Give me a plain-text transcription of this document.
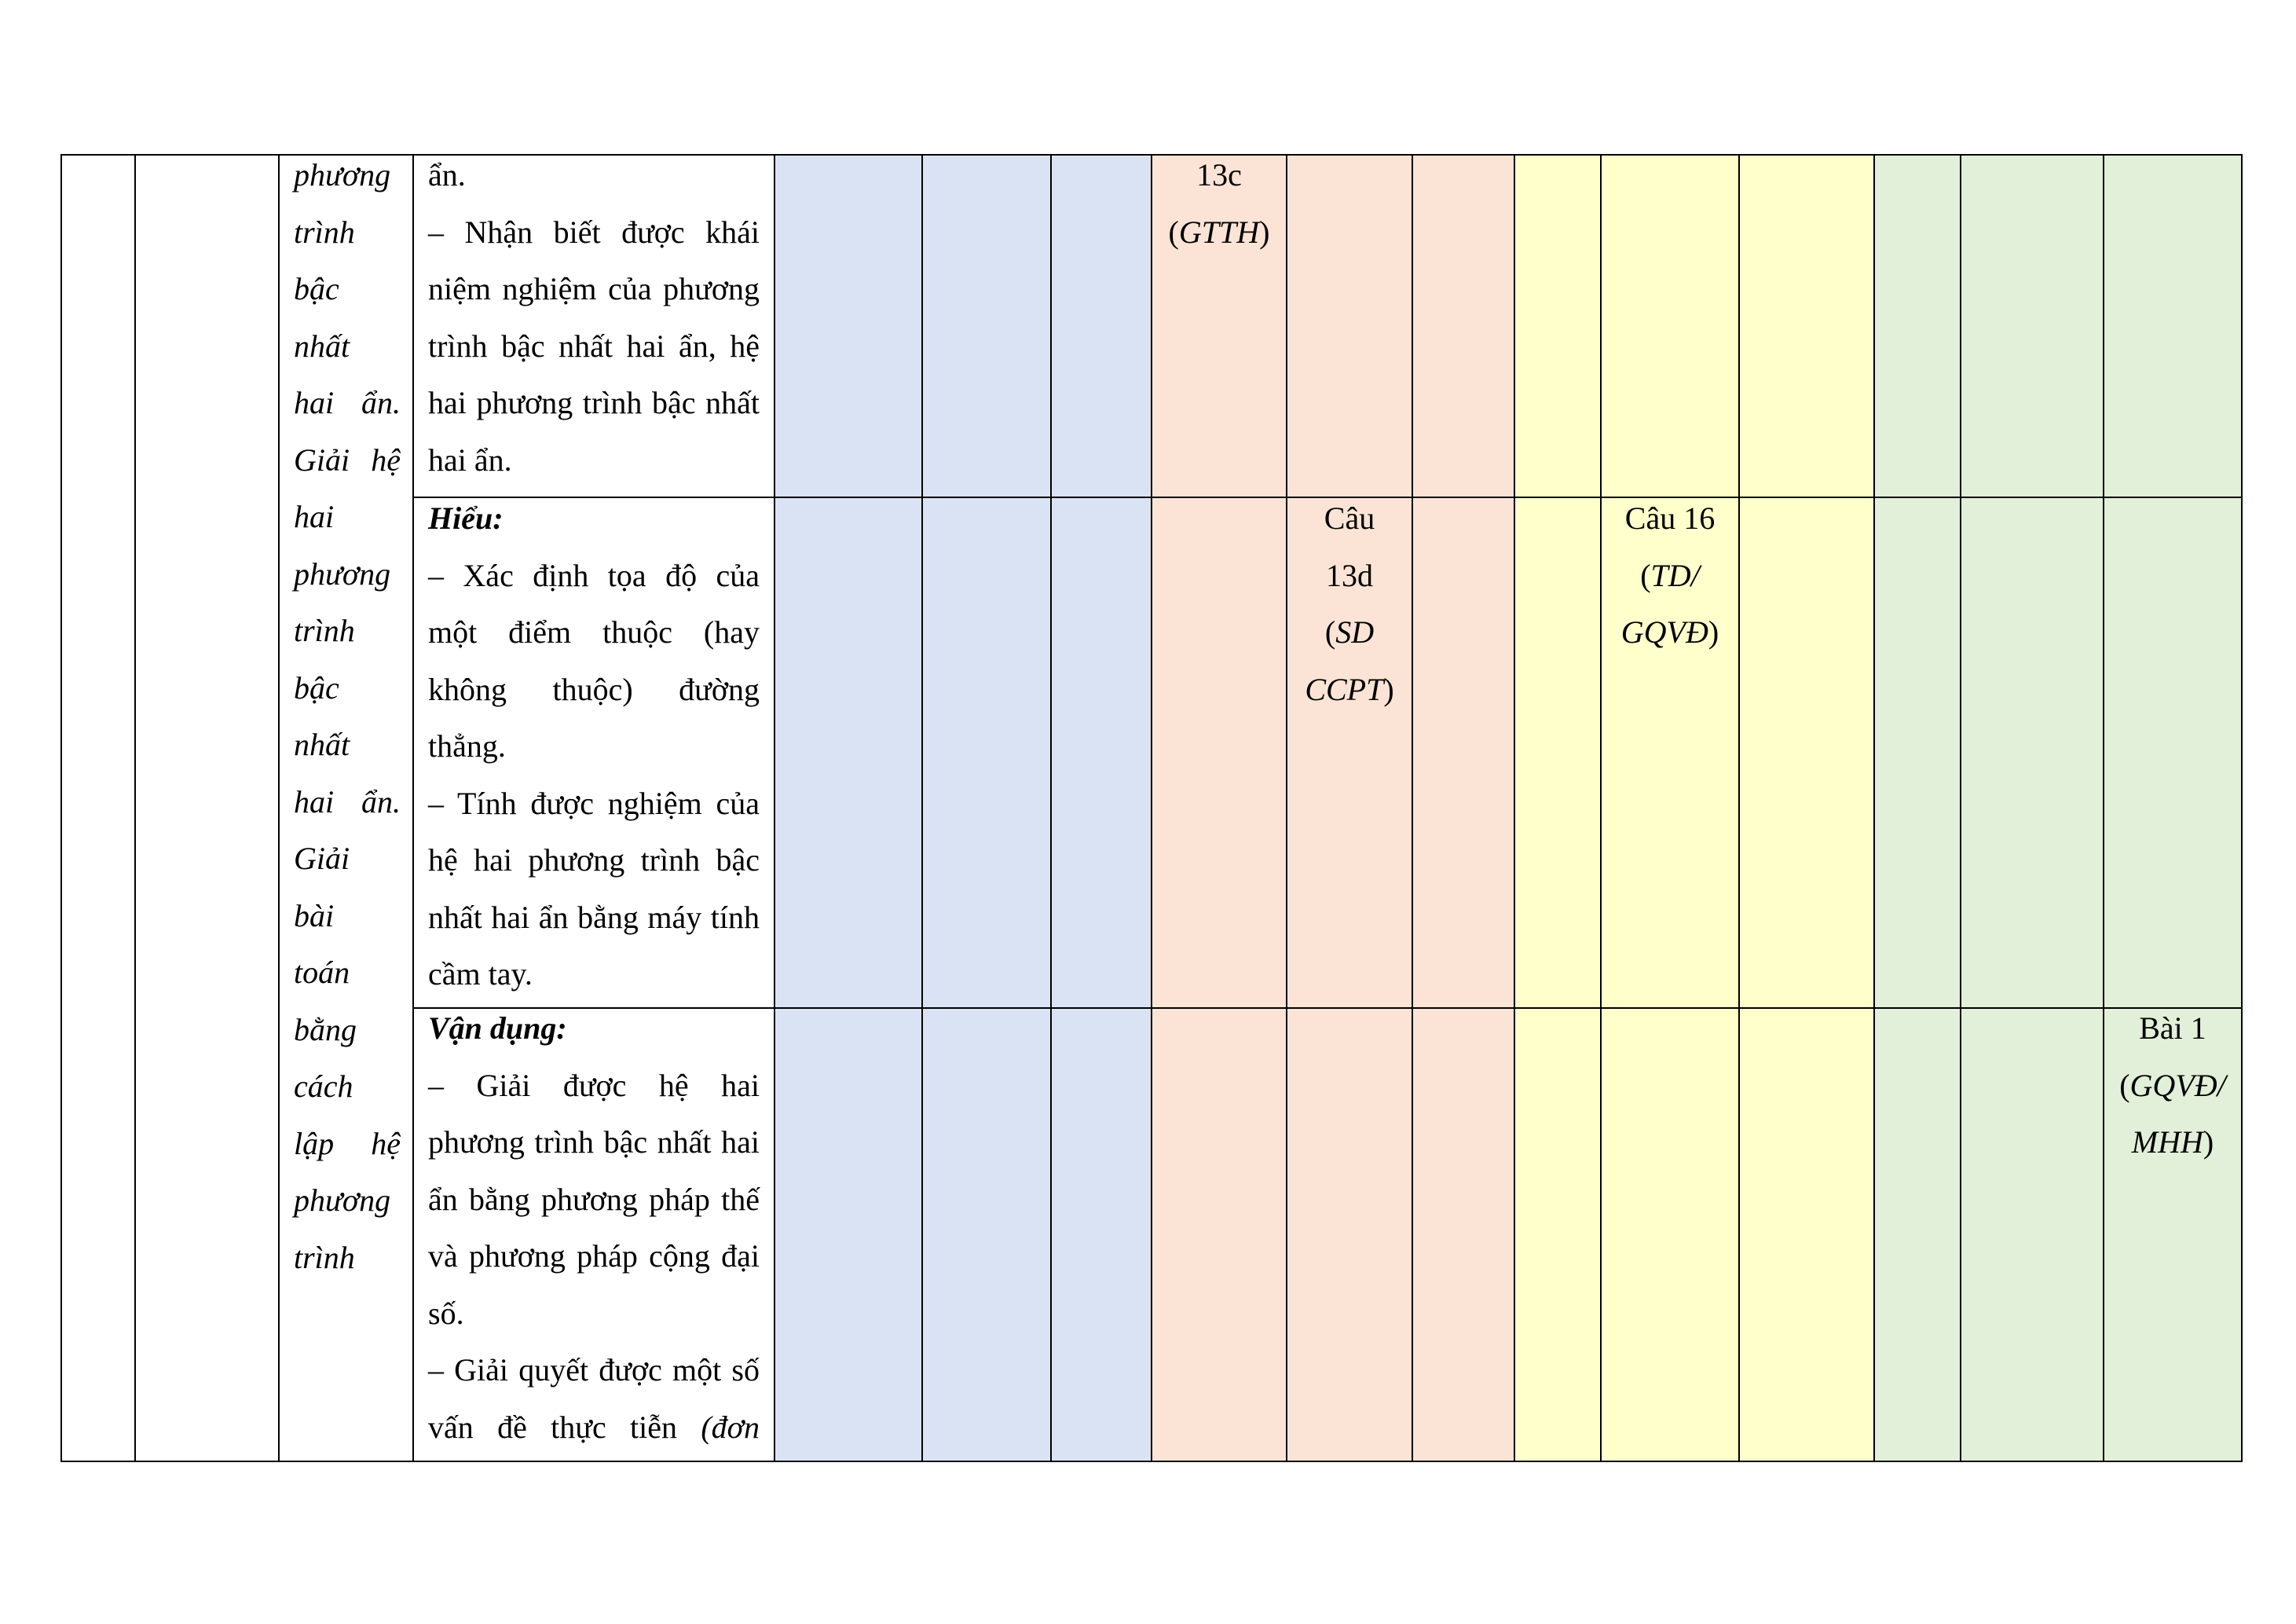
phương
trình
bậc
nhất
hai ẩn.
Giải hệ
hai
phương
trình
bậc
nhất
hai ẩn.
Giải
bài
toán
bằng
cách
lập hệ
phương
trình
ẩn.
– Nhận biết được khái
niệm nghiệm của phương
trình bậc nhất hai ẩn, hệ
hai phương trình bậc nhất
hai ẩn.
Hiểu:
– Xác định tọa độ của
một điểm thuộc (hay
không thuộc) đường
thẳng.
– Tính được nghiệm của
hệ hai phương trình bậc
nhất hai ẩn bằng máy tính
cầm tay.
Vận dụng:
– Giải được hệ hai
phương trình bậc nhất hai
ẩn bằng phương pháp thế
và phương pháp cộng đại
số.
– Giải quyết được một số
vấn đề thực tiễn (đơn
13c
(GTTH)
Câu
13d
(SD
CCPT)
Câu 16
(TD/
GQVĐ)
Bài 1
(GQVĐ/
MHH)
